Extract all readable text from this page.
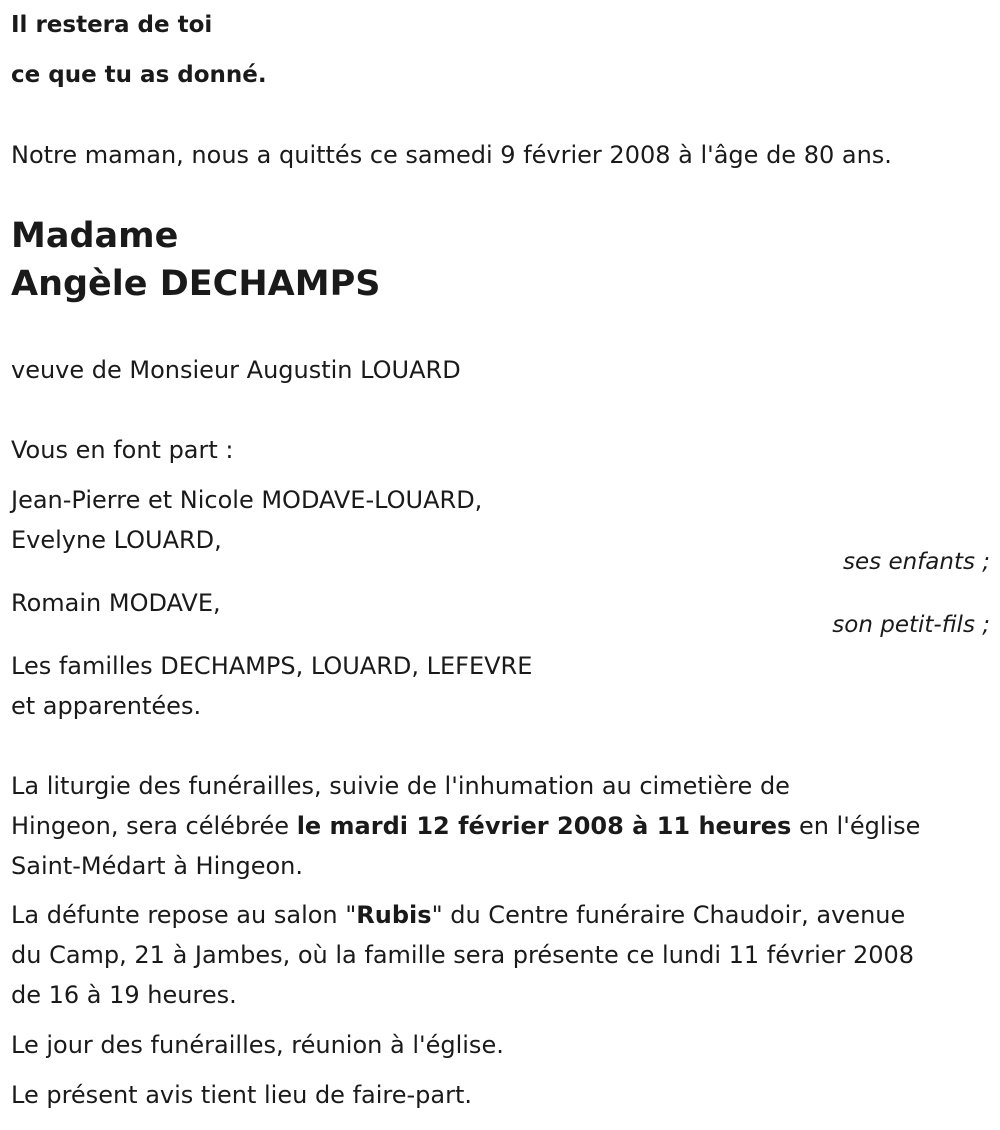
Il restera de toi
ce que tu as donné.
Notre maman, nous a quittés ce samedi 9 février 2008 à l'âge de 80 ans.
Madame
Angèle DECHAMPS
veuve de Monsieur Augustin LOUARD
Vous en font part :
Jean-Pierre et Nicole MODAVE-LOUARD,
Evelyne LOUARD,
ses enfants ;
Romain MODAVE,
son petit-fils ;
Les familles DECHAMPS, LOUARD, LEFEVRE
et apparentées.
La liturgie des funérailles, suivie de l'inhumation au cimetière de
Hingeon, sera célébrée le mardi 12 février 2008 à 11 heures en l'église
Saint-Médart à Hingeon.
La défunte repose au salon "Rubis" du Centre funéraire Chaudoir, avenue
du Camp, 21 à Jambes, où la famille sera présente ce lundi 11 février 2008
de 16 à 19 heures.
Le jour des funérailles, réunion à l'église.
Le présent avis tient lieu de faire-part.
